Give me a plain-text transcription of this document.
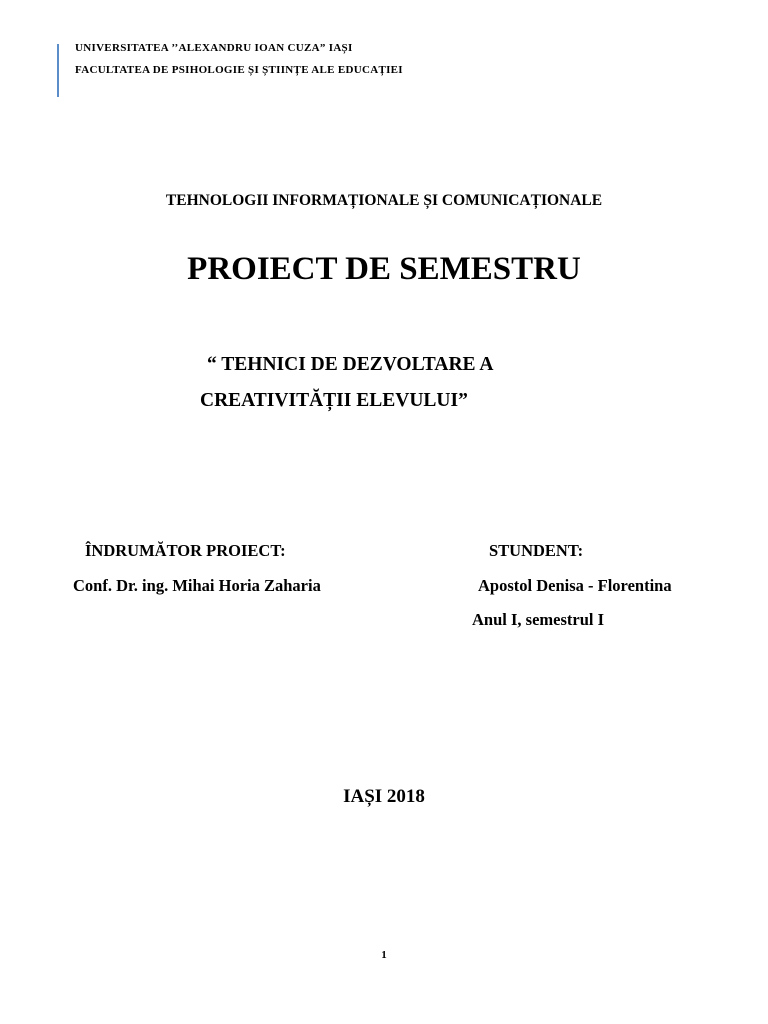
UNIVERSITATEA ’’ALEXANDRU IOAN CUZA” IAȘI
FACULTATEA DE PSIHOLOGIE ȘI ȘTIINȚE ALE EDUCAȚIEI
TEHNOLOGII INFORMAȚIONALE ȘI COMUNICAȚIONALE
PROIECT DE SEMESTRU
“ TEHNICI DE DEZVOLTARE A
CREATIVITĂȚII ELEVULUI”
ÎNDRUMĂTOR PROIECT:
Conf. Dr. ing. Mihai Horia Zaharia
STUNDENT:
Apostol Denisa - Florentina
Anul I, semestrul I
IAȘI 2018
1
